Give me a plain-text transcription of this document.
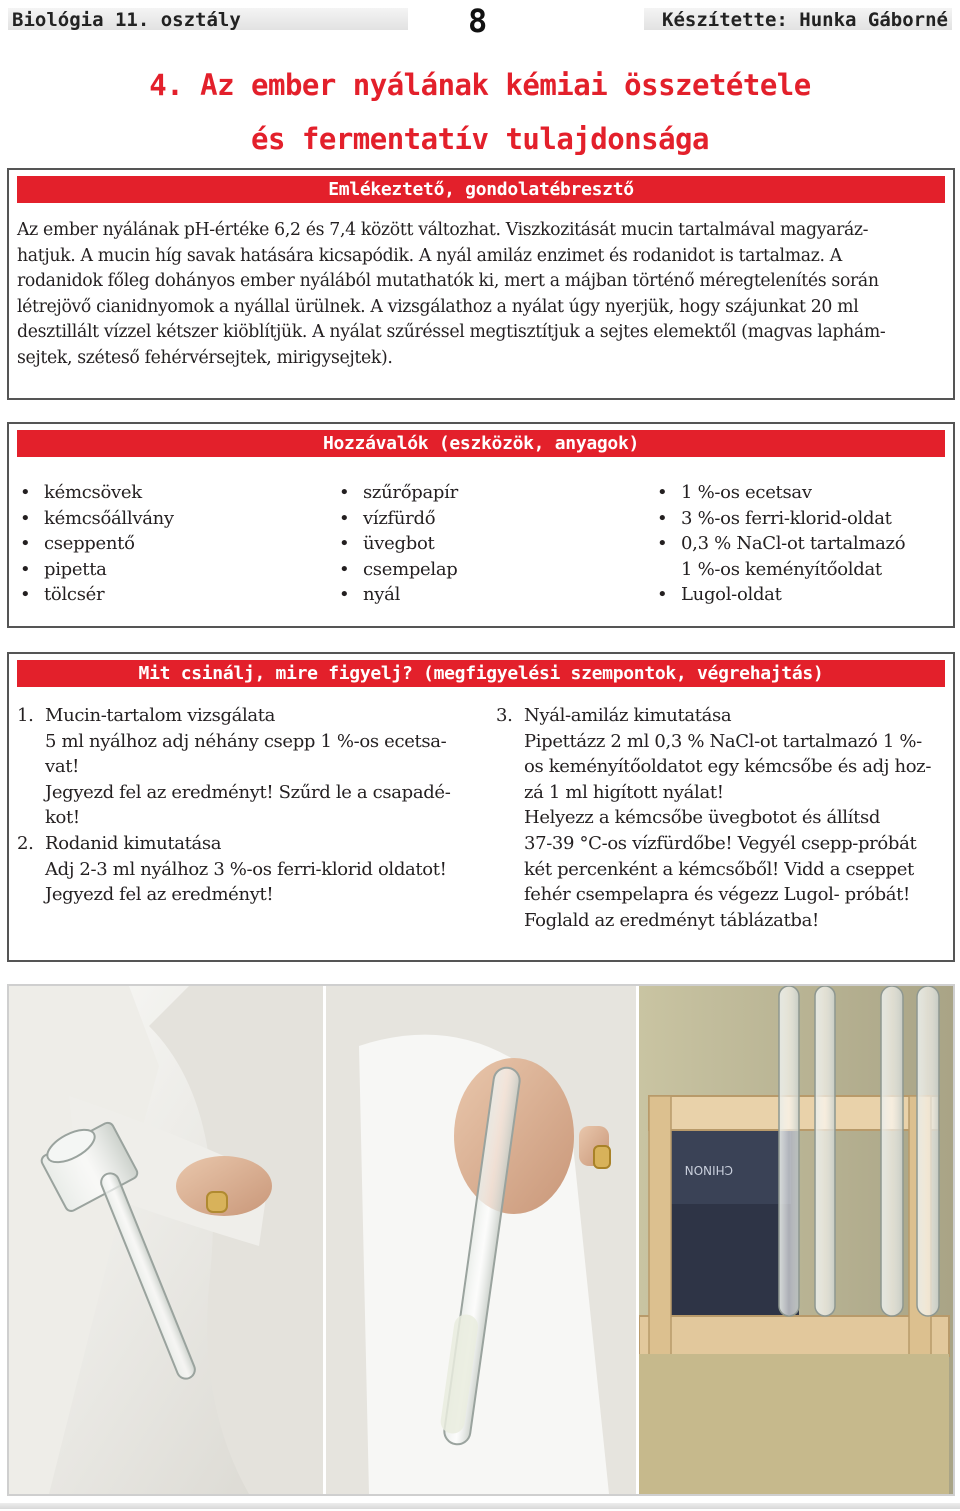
Biológia 11. osztály	8	Készítette: Hunka Gáborné
4. Az ember nyálának kémiai összetétele
és fermentatív tulajdonsága
Emlékeztető, gondolatébresztő

Az ember nyálának pH-értéke 6,2 és 7,4 között változhat. Viszkozitását mucin tartalmával magyaráz-

hatjuk. A mucin híg savak hatására kicsapódik. A nyál amiláz enzimet és rodanidot is tartalmaz. A

rodanidok főleg dohányos ember nyálából mutathatók ki, mert a májban történő méregtelenítés során

létrejövő cianidnyomok a nyállal ürülnek. A vizsgálathoz a nyálat úgy nyerjük, hogy szájunkat 20 ml

desztillált vízzel kétszer kiöblítjük. A nyálat szűréssel megtisztítjuk a sejtes elemektől (magvas laphám-

sejtek, széteső fehérvérsejtek, mirigysejtek).

Hozzávalók (eszközök, anyagok)
• kémcsövek
• kémcsőállvány
• cseppentő
• pipetta
• tölcsér
• szűrőpapír
• vízfürdő
• üvegbot
• csempelap
• nyál
• 1 %-os ecetsav
• 3 %-os ferri-klorid-oldat
• 0,3 % NaCl-ot tartalmazó
1 %-os keményítőoldat
• Lugol-oldat
Mit csinálj, mire figyelj? (megfigyelési szempontok, végrehajtás)
1. Mucin-tartalom vizsgálata
5 ml nyálhoz adj néhány csepp 1 %-os ecetsa-
vat!
Jegyezd fel az eredményt! Szűrd le a csapadé-
kot!
2. Rodanid kimutatása
Adj 2-3 ml nyálhoz 3 %-os ferri-klorid oldatot!
Jegyezd fel az eredményt!
3. Nyál-amiláz kimutatása
Pipettázz 2 ml 0,3 % NaCl-ot tartalmazó 1 %-
os keményítőoldatot egy kémcsőbe és adj hoz-
zá 1 ml higított nyálat!
Helyezz a kémcsőbe üvegbotot és állítsd
37-39 °C-os vízfürdőbe! Vegyél csepp-próbát
két percenként a kémcsőből! Vidd a cseppet
fehér csempelapra és végezz Lugol- próbát!
Foglald az eredményt táblázatba!
CHINON
